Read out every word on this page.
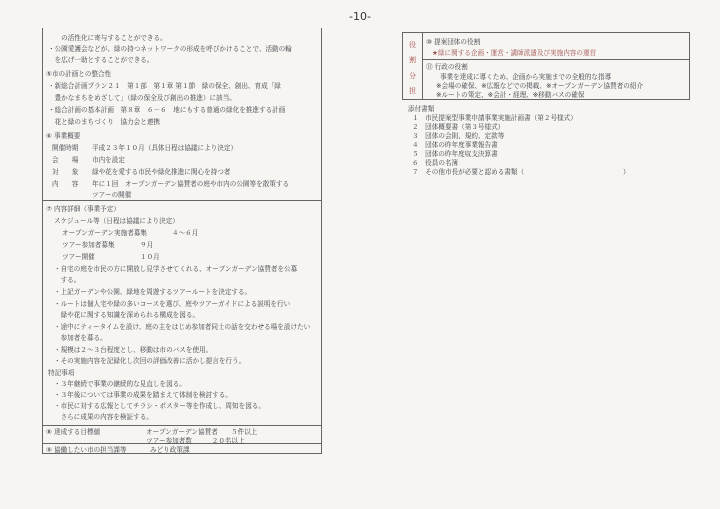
-10-
　　の活性化に寄与することができる。
・公園愛護会などが、緑の持つネットワークの形成を呼びかけることで、活動の輪
　を広げ一助とすることができる。
⑤市の計画との整合性
・新総合計画プラン２１　第１部　第１章 第１節　緑の保全、創出、育成「緑
　豊かなまちをめざして」（緑の保全及び創出の推進）に該当。
・総合計画の基本計画　第８章　６－６　地にもする普通の緑化を推進する計画
　花と緑のまちづくり　協力会と連携
⑥ 事業概要
開催時期 平成２３年１０月（具体日程は協議により決定）
会　　場 市内を設定
対　　象 緑や花を愛する市民や緑化推進に関心を持つ者
内　　容 年に１回　オープンガーデン協賛者の庭や市内の公園等を散策する
ツアーの開催
⑦ 内容詳細（事業予定）
スケジュール等（日程は協議により決定）
オープンガーデン実施者募集	４～６月
ツアー参加者募集	９月
ツアー開催	１０月
・自宅の庭を市民の方に開放し見学させてくれる、オープンガーデン協賛者を公募
　する。
・上記ガーデンや公園、緑地を周遊するツアールートを決定する。
・ルートは個人宅や緑の多いコースを選び、庭やツアーガイドによる説明を行い
　緑や花に関する知識を深められる構成を図る。
・途中にティータイムを設け、庭の主をはじめ参加者同士の話を交わせる場を設けたい
　参加者を募る。
・規模は２～３台程度とし、移動は市のバスを使用。
・その実施内容を記録化し次回の評価改善に活かし提言を行う。
特記事項
・３年継続で事業の継続的な見直しを図る。
・３年後については事業の成果を踏まえて体制を検討する。
・市民に対する広報としてチラシ・ポスター等を作成し、周知を図る。
　さらに成果の内容を検証する。
⑧ 達成する目標値	オープンガーデン協賛者　　５件以上
ツアー参加者数　　　２０名以上
⑨ 協働したい市の担当課等	みどり政策課
役
割
分
担
⑩ 提案団体の役割
★緑に関する企画・運営・講師派遣及び実施内容の運営
⑪ 行政の役割
事業を達成に導くため、企画から実施までの全般的な指導
※会場の確保、※広報などでの掲載、※オープンガーデン協賛者の紹介
※ルートの策定、※会計・経理、※移動バスの確保
添付書類
１　市民提案型事業申請事業実施計画書（第２号様式）
２　団体概要書（第３号様式）
３　団体の会則、規約、定款等
４　団体の昨年度事業報告書
５　団体の昨年度収支決算書
６　役員の名簿
７　その他市長が必要と認める書類（　　　　　　　　　　　　　　　）
